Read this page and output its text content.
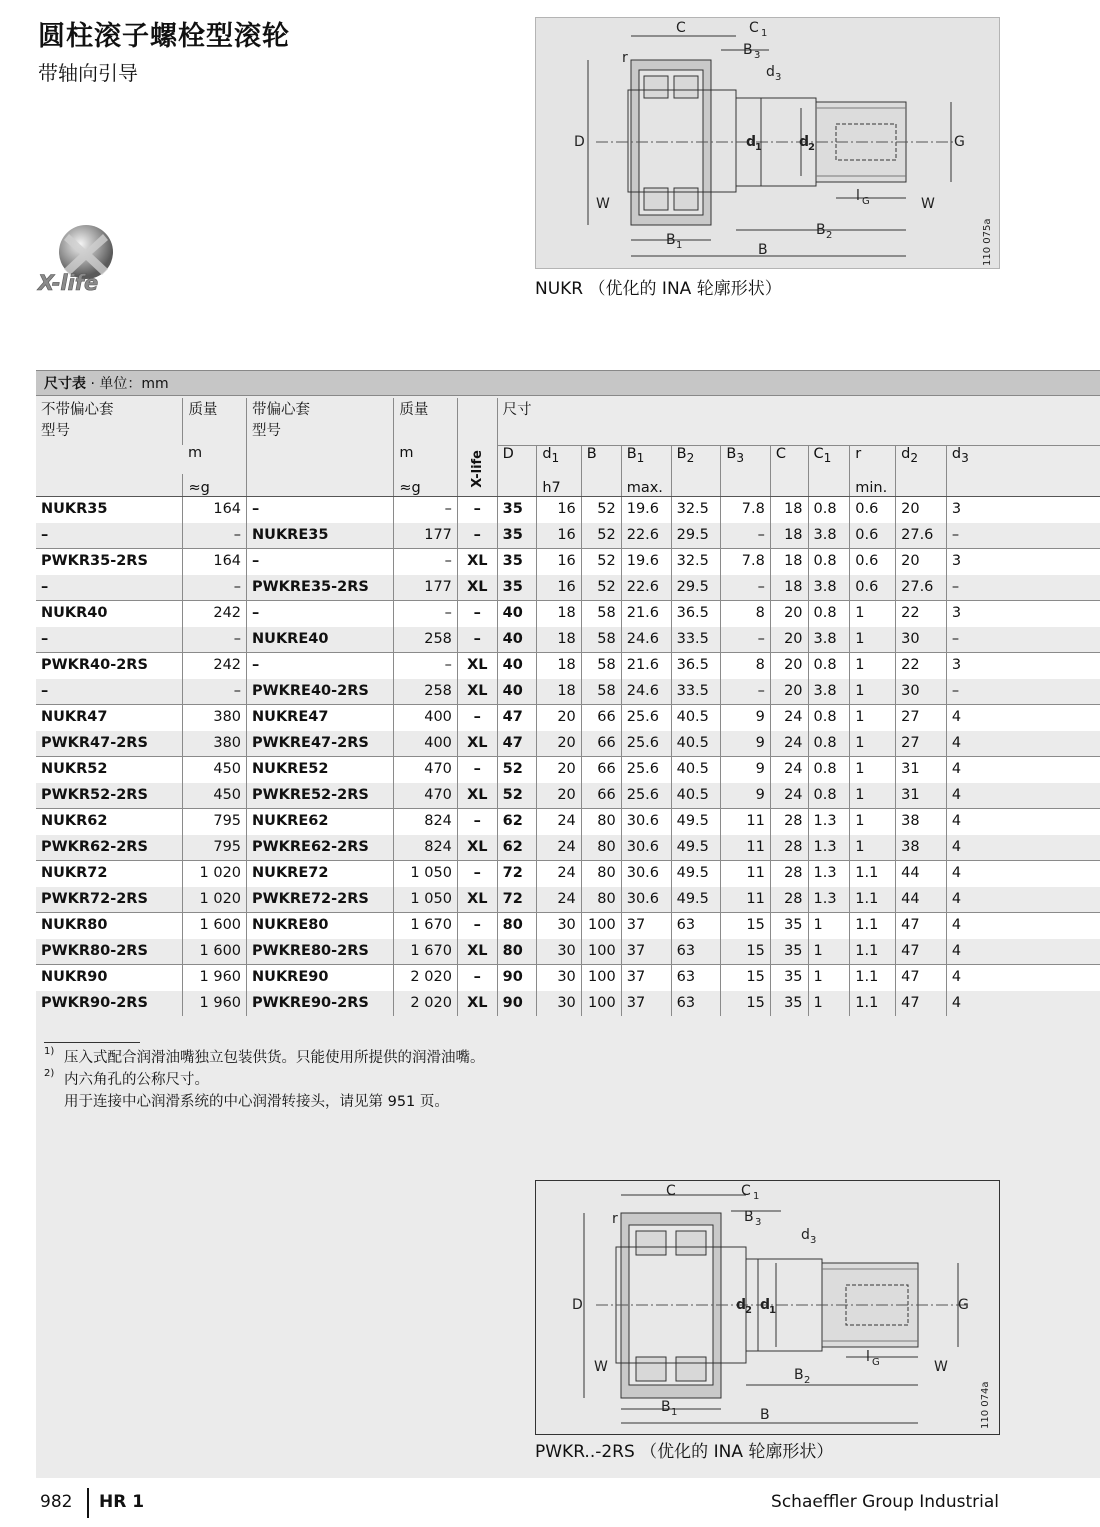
圆柱滚子螺栓型滚轮
带轴向引导
X-life
C	C 1
B 3
d 3
r
D	d
1	d
2	G
W	W
l G
B 1
B 2
B	110 075a
NUKR （优化的 INA 轮廓形状）
尺寸表 · 单位：mm
不带偏心套
型号	质量	带偏心套
型号	质量	X-life	尺寸										
	m		m		D	$d_1$	B	$B_1$	$B_2$	$B_3$	C	$C_1$	r	$d_2$	$d_3$
	≈g		≈g			h7		max.					min.		
NUKR35	164	–	–	–	35	16	52	19.6	32.5	7.8	18	0.8	0.6	20	3
–	–	NUKRE35	177	–	35	16	52	22.6	29.5	–	18	3.8	0.6	27.6	–
PWKR35-2RS	164	–	–	XL	35	16	52	19.6	32.5	7.8	18	0.8	0.6	20	3
–	–	PWKRE35-2RS	177	XL	35	16	52	22.6	29.5	–	18	3.8	0.6	27.6	–
NUKR40	242	–	–	–	40	18	58	21.6	36.5	8	20	0.8	1	22	3
–	–	NUKRE40	258	–	40	18	58	24.6	33.5	–	20	3.8	1	30	–
PWKR40-2RS	242	–	–	XL	40	18	58	21.6	36.5	8	20	0.8	1	22	3
–	–	PWKRE40-2RS	258	XL	40	18	58	24.6	33.5	–	20	3.8	1	30	–
NUKR47	380	NUKRE47	400	–	47	20	66	25.6	40.5	9	24	0.8	1	27	4
PWKR47-2RS	380	PWKRE47-2RS	400	XL	47	20	66	25.6	40.5	9	24	0.8	1	27	4
NUKR52	450	NUKRE52	470	–	52	20	66	25.6	40.5	9	24	0.8	1	31	4
PWKR52-2RS	450	PWKRE52-2RS	470	XL	52	20	66	25.6	40.5	9	24	0.8	1	31	4
NUKR62	795	NUKRE62	824	–	62	24	80	30.6	49.5	11	28	1.3	1	38	4
PWKR62-2RS	795	PWKRE62-2RS	824	XL	62	24	80	30.6	49.5	11	28	1.3	1	38	4
NUKR72	1 020	NUKRE72	1 050	–	72	24	80	30.6	49.5	11	28	1.3	1.1	44	4
PWKR72-2RS	1 020	PWKRE72-2RS	1 050	XL	72	24	80	30.6	49.5	11	28	1.3	1.1	44	4
NUKR80	1 600	NUKRE80	1 670	–	80	30	100	37	63	15	35	1	1.1	47	4
PWKR80-2RS	1 600	PWKRE80-2RS	1 670	XL	80	30	100	37	63	15	35	1	1.1	47	4
NUKR90	1 960	NUKRE90	2 020	–	90	30	100	37	63	15	35	1	1.1	47	4
PWKR90-2RS	1 960	PWKRE90-2RS	2 020	XL	90	30	100	37	63	15	35	1	1.1	47	4
1) 压入式配合润滑油嘴独立包装供货。只能使用所提供的润滑油嘴。
2) 内六角孔的公称尺寸。
用于连接中心润滑系统的中心润滑转接头，请见第 951 页。
C	C 1
B 3
d 3
r
D	d
2 d
1	G
W	W
l G
B 1
B 2
B	110 074a
PWKR..-2RS （优化的 INA 轮廓形状）
982 HR 1	Schaeffler Group Industrial
